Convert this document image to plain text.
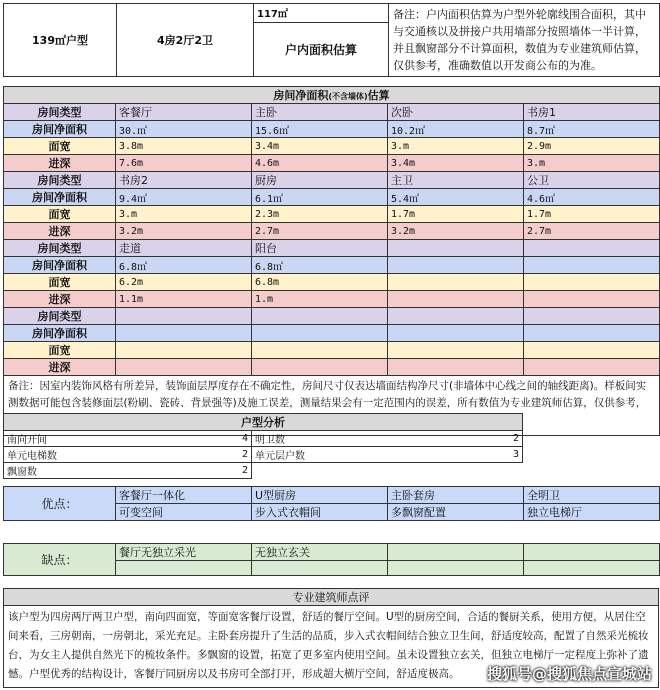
139㎡户型	4房2厅2卫	117㎡	备注：户内面积估算为户型外轮廓线围合面积，其中与交通核以及拼接户共用墙部分按照墙体一半计算，并且飘窗部分不计算面积，数值为专业建筑师估算，仅供参考，准确数值以开发商公布的为准。
户内面积估算
房间净面积(不含墙体)估算				
房间类型	客餐厅	主卧	次卧	书房1
房间净面积	30.㎡	15.6㎡	10.2㎡	8.7㎡
面宽	3.8m	3.4m	3.m	2.9m
进深	7.6m	4.6m	3.4m	3.m
房间类型	书房2	厨房	主卫	公卫
房间净面积	9.4㎡	6.1㎡	5.4㎡	4.6㎡
面宽	3.m	2.3m	1.7m	1.7m
进深	3.2m	2.7m	3.2m	2.7m
房间类型	走道	阳台		
房间净面积	6.8㎡	6.8㎡		
面宽	6.2m	6.8m		
进深	1.1m	1.m		
房间类型				
房间净面积				
面宽				
进深				
备注：因室内装饰风格有所差异，装饰面层厚度存在不确定性，房间尺寸仅表达墙面结构净尺寸(非墙体中心线之间的轴线距离)。样板间实测数据可能包含装修面层(粉刷、瓷砖、背景强等)及施工误差，测量结果会有一定范围内的误差，所有数值为专业建筑师估算，仅供参考，				
户型分析			
南向开间	4	明卫数	2
单元电梯数	2	单元层户数	3
飘窗数	2		
优点：	客餐厅一体化	U型厨房	主卧套房	全明卫
	可变空间	步入式衣帽间	多飘窗配置	独立电梯厅
缺点：	餐厅无独立采光	无独立玄关		

专业建筑师点评
该户型为四房两厅两卫户型，南向四面宽，等面宽客餐厅设置，舒适的餐厅空间。U型的厨房空间，合适的餐厨关系，使用方便，从居住空间来看，三房朝南，一房朝北，采光充足。主卧套房提升了生活的品质，步入式衣帽间结合独立卫生间，舒适度较高，配置了自然采光梳妆台，为女主人提供自然光下的梳妆条件。多飘窗的设置，拓宽了更多室内使用空间。虽未设置独立玄关，但独立电梯厅一定程度上弥补了遗憾。户型优秀的结构设计，客餐厅同厨房以及书房可全部打开，形成超大横厅空间，舒适度极高。 搜狐号@搜狐焦点宣城站
